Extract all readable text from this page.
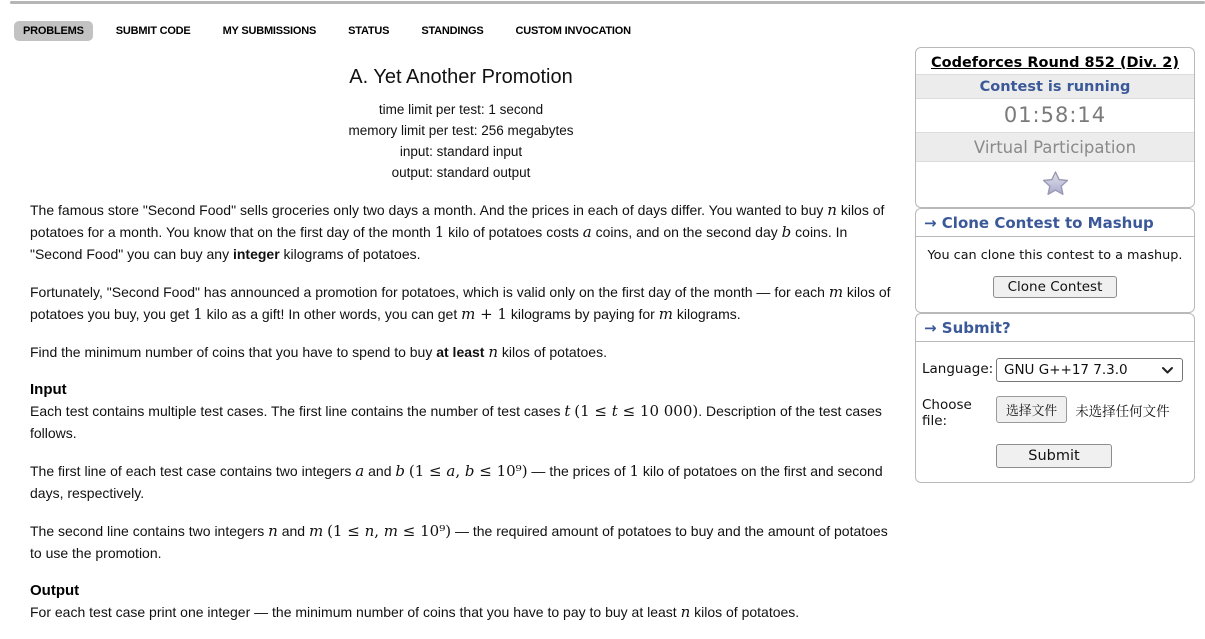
PROBLEMS	SUBMIT CODE	MY SUBMISSIONS	STATUS	STANDINGS	CUSTOM INVOCATION
A. Yet Another Promotion
time limit per test: 1 second
memory limit per test: 256 megabytes
input: standard input
output: standard output
The famous store "Second Food" sells groceries only two days a month. And the prices in each of days differ. You wanted to buy n kilos of potatoes for a month. You know that on the first day of the month 1 kilo of potatoes costs a coins, and on the second day b coins. In "Second Food" you can buy any integer kilograms of potatoes.
Fortunately, "Second Food" has announced a promotion for potatoes, which is valid only on the first day of the month — for each m kilos of potatoes you buy, you get 1 kilo as a gift! In other words, you can get m + 1 kilograms by paying for m kilograms.
Find the minimum number of coins that you have to spend to buy at least n kilos of potatoes.
Input
Each test contains multiple test cases. The first line contains the number of test cases t (1 ≤ t ≤ 10 000). Description of the test cases follows.
The first line of each test case contains two integers a and b (1 ≤ a, b ≤ 10⁹) — the prices of 1 kilo of potatoes on the first and second days, respectively.
The second line contains two integers n and m (1 ≤ n, m ≤ 10⁹) — the required amount of potatoes to buy and the amount of potatoes to use the promotion.
Output
For each test case print one integer — the minimum number of coins that you have to pay to buy at least n kilos of potatoes.
Codeforces Round 852 (Div. 2)
Contest is running
01:58:14
Virtual Participation
→ Clone Contest to Mashup
You can clone this contest to a mashup.
Clone Contest
→ Submit?
Language: GNU G++17 7.3.0
Choose file:
选择文件	未选择任何文件
Submit
